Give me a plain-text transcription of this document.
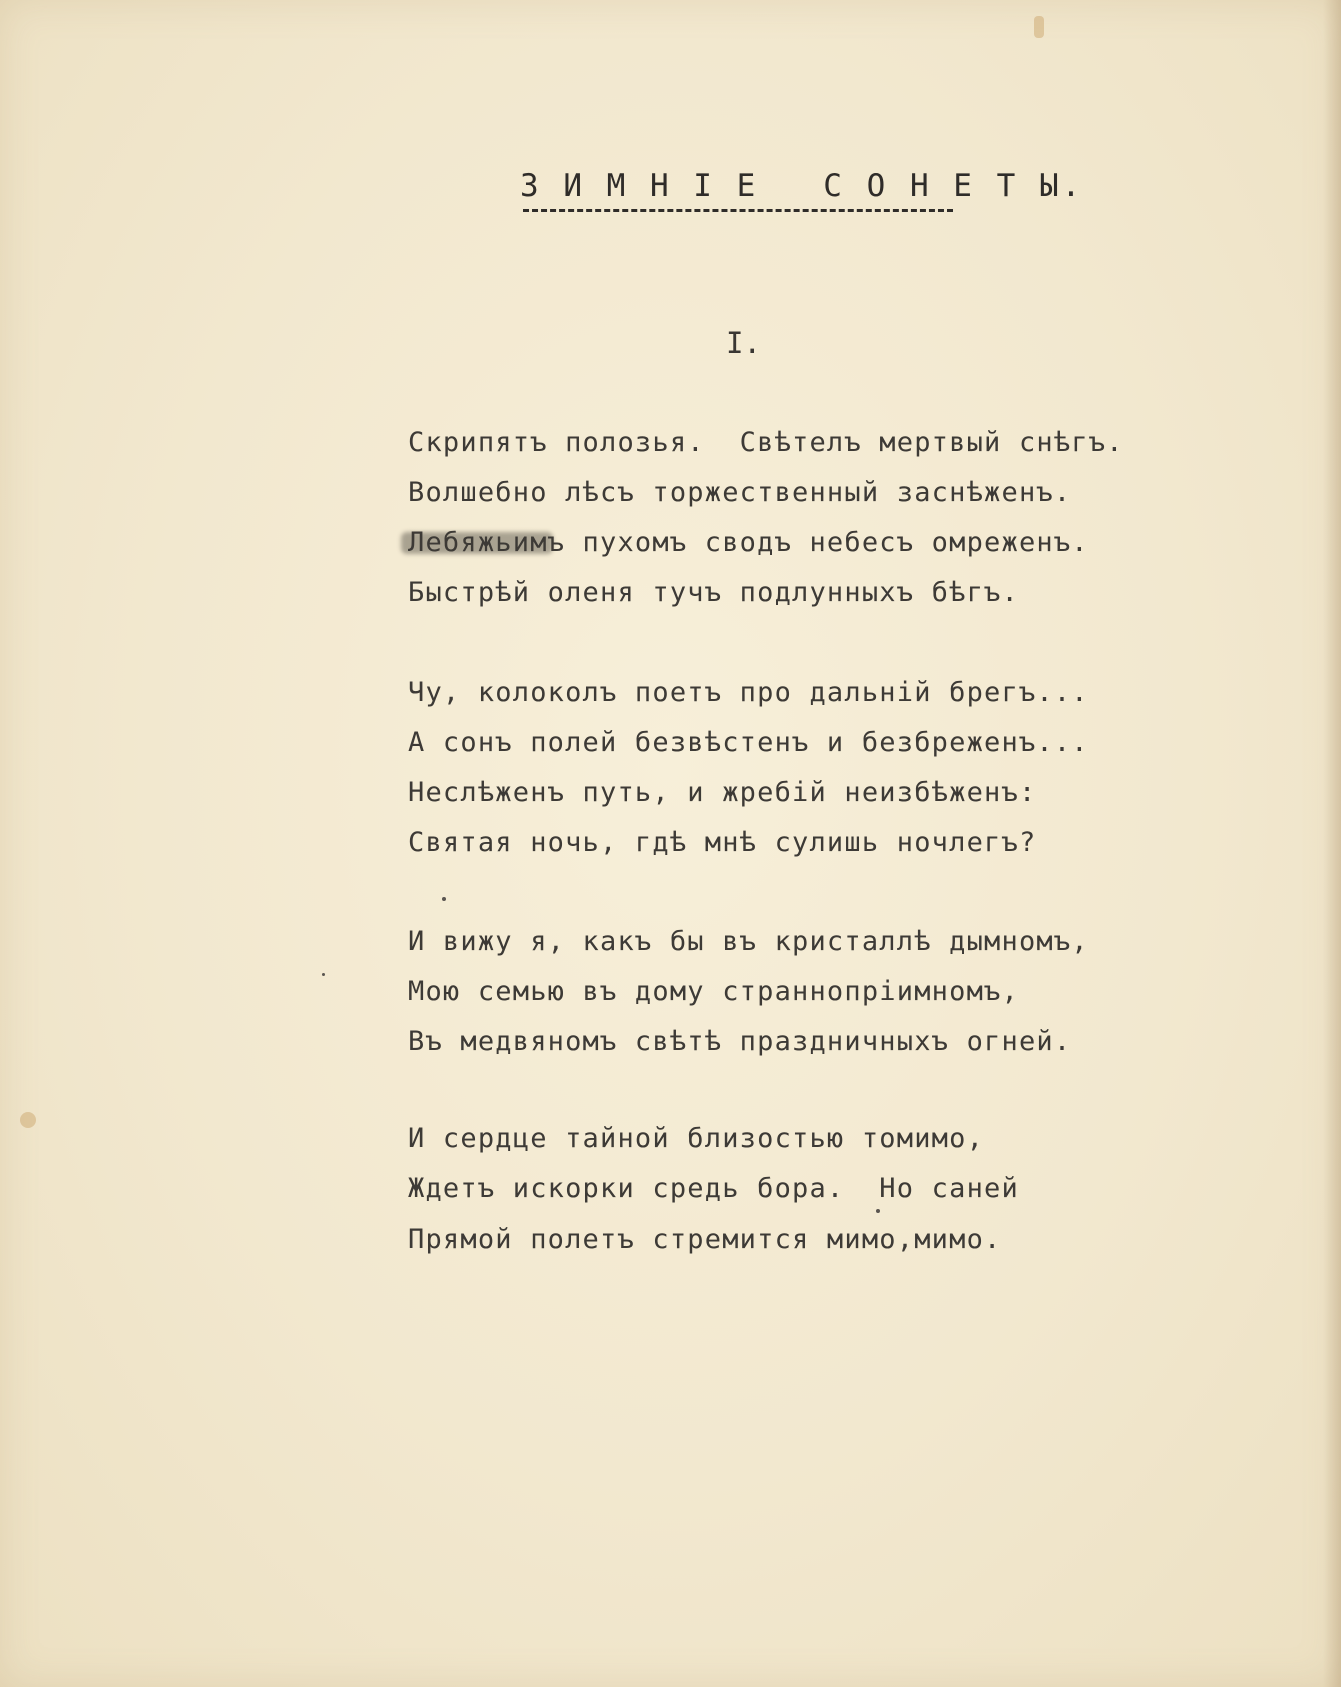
З И М Н I Е   С О Н Е Т Ы.
I.
Скрипятъ полозья.  Свѣтелъ мертвый снѣгъ.
Волшебно лѣсъ торжественный заснѣженъ.
Лебяжьимъ пухомъ сводъ небесъ омреженъ.
Быстрѣй оленя тучъ подлунныхъ бѣгъ.
Чу, колоколъ поетъ про дальнiй брегъ...
А сонъ полей безвѣстенъ и безбреженъ...
Неслѣженъ путь, и жребiй неизбѣженъ:
Святая ночь, гдѣ мнѣ сулишь ночлегъ?
И вижу я, какъ бы въ кристаллѣ дымномъ,
Мою семью въ дому страннопрiимномъ,
Въ медвяномъ свѣтѣ праздничныхъ огней.
И сердце тайной близостью томимо,
Ждетъ искорки средь бора.  Но саней
Прямой полетъ стремится мимо,мимо.
